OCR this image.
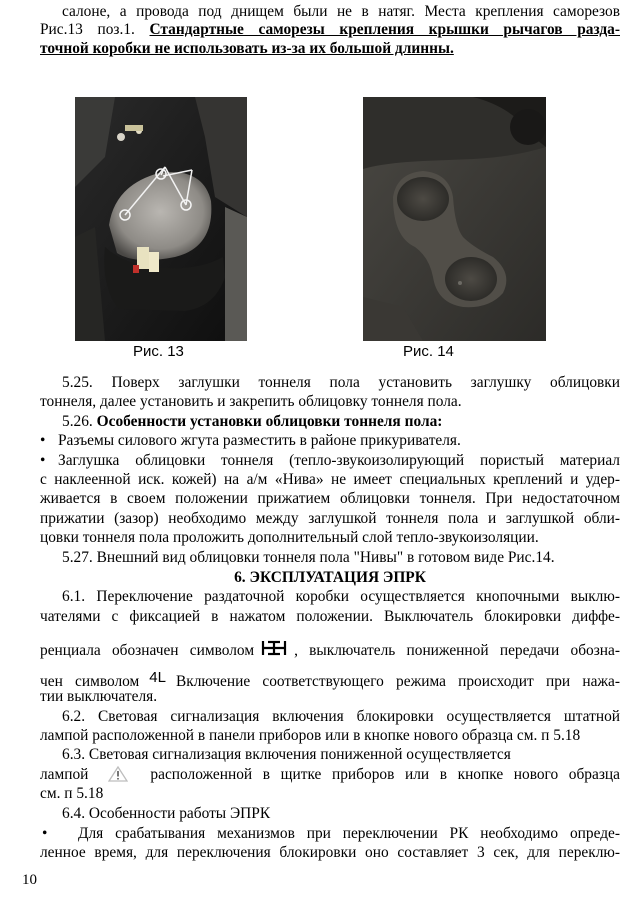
салоне, а провода под днищем были не в натяг. Места крепления саморезов
Рис.13 поз.1. Стандартные саморезы крепления крышки рычагов разда-
точной коробки не использовать из-за их большой длинны.
Рис. 13	Рис. 14
5.25. Поверх заглушки тоннеля пола установить заглушку облицовки
тоннеля, далее установить и закрепить облицовку тоннеля пола.
5.26. Особенности установки облицовки тоннеля пола:
• Разъемы силового жгута разместить в районе прикуривателя.
• Заглушка облицовки тоннеля (тепло-звукоизолирующий пористый материал
с наклеенной иск. кожей) на а/м «Нива» не имеет специальных креплений и удер-
живается в своем положении прижатием облицовки тоннеля. При недостаточном
прижатии (зазор) необходимо между заглушкой тоннеля пола и заглушкой обли-
цовки тоннеля пола проложить дополнительный слой тепло-звукоизоляции.
5.27. Внешний вид облицовки тоннеля пола "Нивы" в готовом виде Рис.14.
6. ЭКСПЛУАТАЦИЯ ЭПРК
6.1. Переключение раздаточной коробки осуществляется кнопочными выклю-
чателями с фиксацией в нажатом положении. Выключатель блокировки диффе-
ренциала обозначен символом	, выключатель пониженной передачи обозна-
чен символом 4L Включение соответствующего режима происходит при нажа-
тии выключателя.
6.2. Световая сигнализация включения блокировки осуществляется штатной
лампой расположенной в панели приборов или в кнопке нового образца см. п 5.18
6.3. Световая сигнализация включения пониженной осуществляется
лампой	расположенной в щитке приборов или в кнопке нового образца
см. п 5.18
6.4. Особенности работы ЭПРК
• Для срабатывания механизмов при переключении РК необходимо опреде-
ленное время, для переключения блокировки оно составляет 3 сек, для переклю-
10
